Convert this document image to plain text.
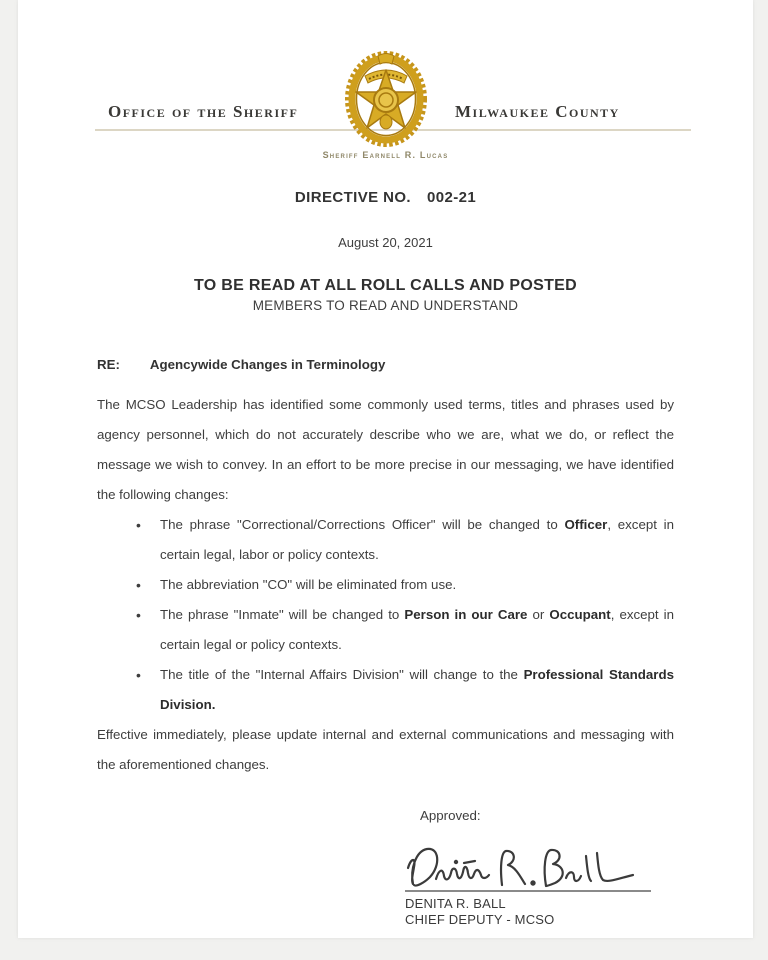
Office of the Sheriff	Milwaukee County
Sheriff Earnell R. Lucas
DIRECTIVE NO. 002-21
August 20, 2021
TO BE READ AT ALL ROLL CALLS AND POSTED
MEMBERS TO READ AND UNDERSTAND
RE: Agencywide Changes in Terminology

The MCSO Leadership has identified some commonly used terms, titles and phrases used by agency personnel, which do not accurately describe who we are, what we do, or reflect the message we wish to convey. In an effort to be more precise in our messaging, we have identified the following changes:

• The phrase "Correctional/Corrections Officer" will be changed to Officer, except in certain legal, labor or policy contexts.
• The abbreviation "CO" will be eliminated from use.
• The phrase "Inmate" will be changed to Person in our Care or Occupant, except in certain legal or policy contexts.
• The title of the "Internal Affairs Division" will change to the Professional Standards Division.

Effective immediately, please update internal and external communications and messaging with the aforementioned changes.

Approved:
DENITA R. BALL
CHIEF DEPUTY - MCSO
